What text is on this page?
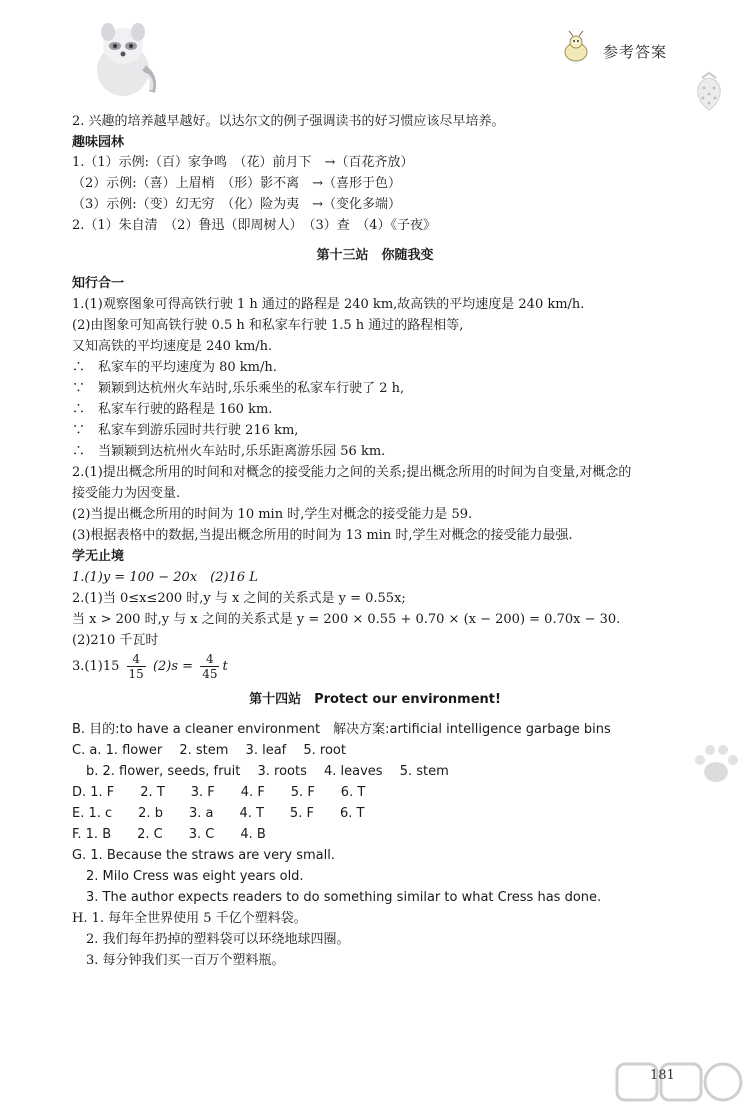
参考答案
2. 兴趣的培养越早越好。以达尔文的例子强调读书的好习惯应该尽早培养。
趣味园林
1.（1）示例:（百）家争鸣　（花）前月下　→（百花齐放）
（2）示例:（喜）上眉梢　（形）影不离　→（喜形于色）
（3）示例:（变）幻无穷　（化）险为夷　→（变化多端）
2.（1）朱自清　（2）鲁迅（即周树人）　（3）查　（4）《子夜》
第十三站　你随我变
知行合一
1.(1)观察图象可得高铁行驶 1 h 通过的路程是 240 km,故高铁的平均速度是 240 km/h.
(2)由图象可知高铁行驶 0.5 h 和私家车行驶 1.5 h 通过的路程相等,
又知高铁的平均速度是 240 km/h.
∴　私家车的平均速度为 80 km/h.
∵　颖颖到达杭州火车站时,乐乐乘坐的私家车行驶了 2 h,
∴　私家车行驶的路程是 160 km.
∵　私家车到游乐园时共行驶 216 km,
∴　当颖颖到达杭州火车站时,乐乐距离游乐园 56 km.
2.(1)提出概念所用的时间和对概念的接受能力之间的关系;提出概念所用的时间为自变量,对概念的
接受能力为因变量.
(2)当提出概念所用的时间为 10 min 时,学生对概念的接受能力是 59.
(3)根据表格中的数据,当提出概念所用的时间为 13 min 时,学生对概念的接受能力最强.
学无止境
1.(1)y = 100 − 20x　(2)16 L
2.(1)当 0≤x≤200 时,y 与 x 之间的关系式是 y = 0.55x;
当 x > 200 时,y 与 x 之间的关系式是 y = 200 × 0.55 + 0.70 × (x − 200) = 0.70x − 30.
(2)210 千瓦时
$3.(1)15 \frac{4}{15} (2)s = \frac{4}{45}$ t
第十四站　Protect our environment!
B. 目的:to have a cleaner environment　解决方案:artificial intelligence garbage bins
C. a. 1. flower　 2. stem　 3. leaf　 5. root
b. 2. flower, seeds, fruit　 3. roots　 4. leaves　 5. stem
D. 1. F　　2. T　　3. F　　4. F　　5. F　　6. T
E. 1. c　　2. b　　3. a　　4. T　　5. F　　6. T
F. 1. B　　2. C　　3. C　　4. B
G. 1. Because the straws are very small.
2. Milo Cress was eight years old.
3. The author expects readers to do something similar to what Cress has done.
H. 1. 每年全世界使用 5 千亿个塑料袋。
2. 我们每年扔掉的塑料袋可以环绕地球四圈。
3. 每分钟我们买一百万个塑料瓶。
181
